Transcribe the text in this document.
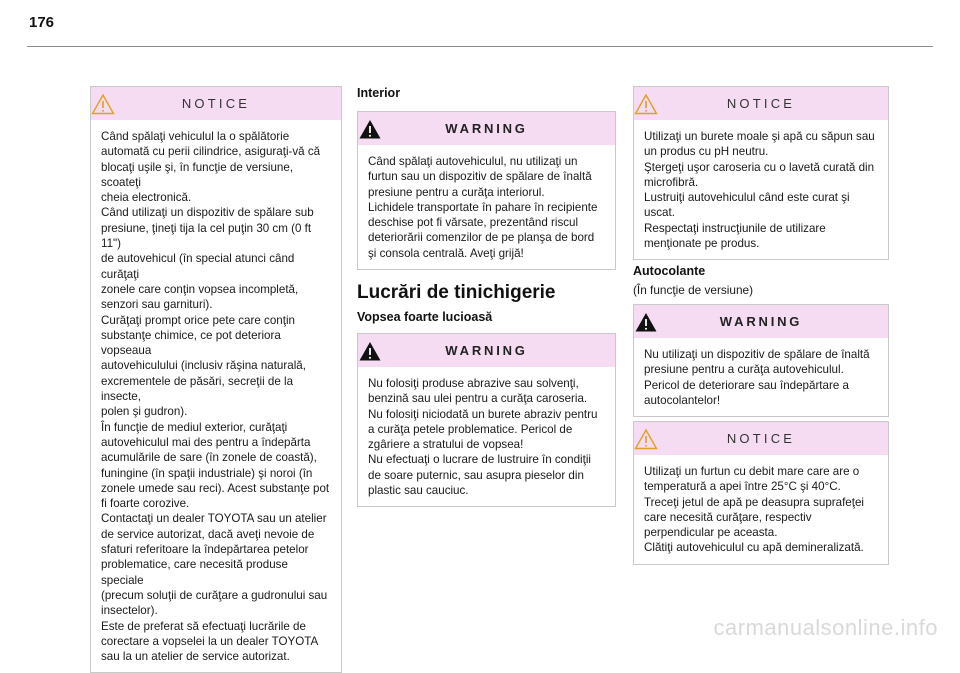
176
NOTICE

Când spălaţi vehiculul la o spălătorie

automată cu perii cilindrice, asiguraţi-vă că

blocaţi uşile şi, în funcţie de versiune, scoateţi

cheia electronică.

Când utilizaţi un dispozitiv de spălare sub

presiune, ţineţi tija la cel puţin 30 cm (0 ft 11")

de autovehicul (în special atunci când curăţaţi

zonele care conţin vopsea incompletă,

senzori sau garnituri).

Curăţaţi prompt orice pete care conţin

substanţe chimice, ce pot deteriora vopseaua

autovehiculului (inclusiv răşina naturală,

excrementele de păsări, secreţii de la insecte,

polen şi gudron).

În funcţie de mediul exterior, curăţaţi

autovehiculul mai des pentru a îndepărta

acumulările de sare (în zonele de coastă),

funingine (în spaţii industriale) şi noroi (în

zonele umede sau reci). Acest substanţe pot

fi foarte corozive.

Contactaţi un dealer TOYOTA sau un atelier

de service autorizat, dacă aveţi nevoie de

sfaturi referitoare la îndepărtarea petelor

problematice, care necesită produse speciale

(precum soluţii de curăţare a gudronului sau

insectelor).

Este de preferat să efectuaţi lucrările de

corectare a vopselei la un dealer TOYOTA

sau la un atelier de service autorizat.

Interior
WARNING

Când spălaţi autovehiculul, nu utilizaţi un

furtun sau un dispozitiv de spălare de înaltă

presiune pentru a curăţa interiorul.

Lichidele transportate în pahare în recipiente

deschise pot fi vărsate, prezentând riscul

deteriorării comenzilor de pe planşa de bord

şi consola centrală. Aveţi grijă!

Lucrări de tinichigerie
Vopsea foarte lucioasă
WARNING

Nu folosiţi produse abrazive sau solvenţi,

benzină sau ulei pentru a curăţa caroseria.

Nu folosiţi niciodată un burete abraziv pentru

a curăţa petele problematice. Pericol de

zgâriere a stratului de vopsea!

Nu efectuaţi o lucrare de lustruire în condiţii

de soare puternic, sau asupra pieselor din

plastic sau cauciuc.

NOTICE

Utilizaţi un burete moale şi apă cu săpun sau

un produs cu pH neutru.

Ştergeţi uşor caroseria cu o lavetă curată din

microfibră.

Lustruiţi autovehiculul când este curat şi

uscat.

Respectaţi instrucţiunile de utilizare

menţionate pe produs.

Autocolante
(În funcţie de versiune)
WARNING

Nu utilizaţi un dispozitiv de spălare de înaltă

presiune pentru a curăţa autovehiculul.

Pericol de deteriorare sau îndepărtare a

autocolantelor!

NOTICE

Utilizaţi un furtun cu debit mare care are o

temperatură a apei între 25°C şi 40°C.

Treceţi jetul de apă pe deasupra suprafeţei

care necesită curăţare, respectiv

perpendicular pe aceasta.

Clătiţi autovehiculul cu apă demineralizată.

carmanualsonline.info
